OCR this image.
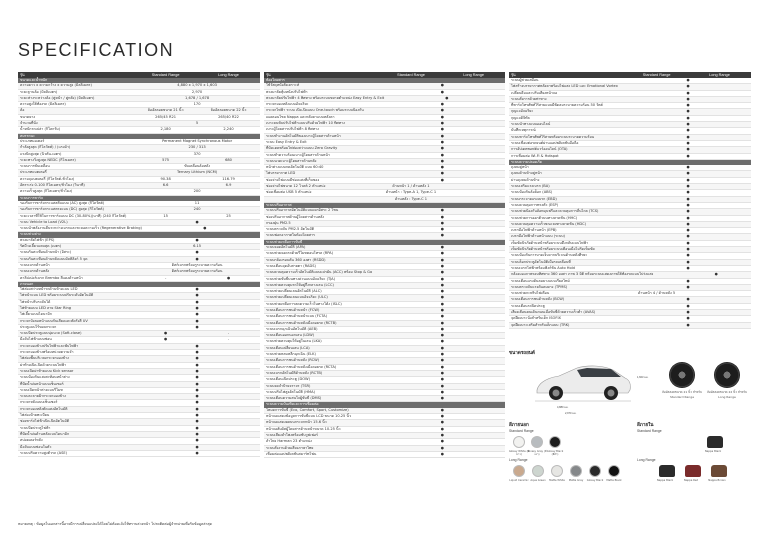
SPECIFICATION
รุ่น	Standard Range	Long Range
ขนาดและน้ำหนัก
ความยาว x ความกว้าง x ความสูง (มิลลิเมตร)	4,880 x 1,970 x 1,603
ระยะฐานล้อ (มิลลิเมตร)	2,970
ระยะห่างระหว่างล้อ (คู่หน้า / คู่หลัง) (มิลลิเมตร)	1,678 / 1,678
ความสูงใต้ท้องรถ (มิลลิเมตร)	170
ล้อ	ล้ออัลลอยขนาด 21 นิ้ว	ล้ออัลลอยขนาด 22 นิ้ว
ขนาดยาง	265/45 R21	265/40 R22
จำนวนที่นั่ง	5
น้ำหนักรถเปล่า (กิโลกรัม)	2,180	2,240
สมรรถนะ
ประเภทมอเตอร์	Permanent Magnet Synchronous Motor
กำลังสูงสุด (กิโลวัตต์) / (แรงม้า)	230 / 313
แรงบิดสูงสุด (นิวตัน-เมตร)	370
ระยะทางวิ่งสูงสุด NEDC (กิโลเมตร)	575	680
ระบบการขับเคลื่อน	ขับเคลื่อนล้อหลัง
ประเภทแบตเตอรี่	Ternary Lithium (NCM)
ความจุแบตเตอรี่ (กิโลวัตต์-ชั่วโมง)	90.38	116.79
อัตราเร่ง 0-100 กิโลเมตร/ชั่วโมง (วินาที)	6.6	6.9
ความเร็วสูงสุด (กิโลเมตร/ชั่วโมง)	200
ระบบการชาร์จ
รองรับการชาร์จกระแสสลับแบบ (AC) สูงสุด (กิโลวัตต์)	11
รองรับการชาร์จกระแสตรงแบบ (DC) สูงสุด (กิโลวัตต์)	240
ระยะเวลาที่ใช้ในการชาร์จแบบ DC (30-80%)(นาที) (240 กิโลวัตต์)	15	25
ระบบ Vehicle to Load (V2L)	●
ระบบนำพลังงานคืนระหว่างเบรกและชะลอความเร็ว (Regenerative Braking)	●
ระบบช่วงล่าง
พวงมาลัยไฟฟ้า (EPS)	●
รัศมีวงเลี้ยวแคบสุด (เมตร)	6.15
ระบบกันสะเทือนด้านหน้า (อิสระ)	●
ระบบกันสะเทือนด้านหลังแบบมัลติลิงก์ 5 จุด	●
ระบบเบรกด้านหน้า	ดิสก์เบรกพร้อมรูระบายความร้อน
ระบบเบรกด้านหลัง	ดิสก์เบรกพร้อมรูระบายความร้อน
คาลิปเปอร์เบรก Brembo สีแดงด้านหน้า	-	●
ภายนอก
ไฟส่องสว่างหน้ารถด้านข้างแบบ LED	●
ไฟหน้าแบบ LED พร้อมระบบปรับระดับอัตโนมัติ	●
ไฟหน้าปรับระดับได้	●
ไฟท้ายแบบ LED ลาย Star Ring	●
ไฟเลี้ยวแบบไดนามิก	●
กระจกบังลมหน้าแบบกันเสียงและตัดรังสี UV	●
ประตูแบบไร้ขอบกระจก	●
ระบบปิดประตูแบบนุ่มนวล (Soft-close)	●	-
มือจับไฟฟ้าแบบซ่อน	●	-
กระจกมองข้างปรับไฟฟ้าและพับไฟฟ้า	●
กระจกมองข้างพร้อมหน่วยความจำ	●
ไฟส่องพื้นบริเวณกระจกมองข้าง	●
ฝาท้ายเปิด-ปิดด้วยระบบไฟฟ้า	●
ระบบเปิดฝาท้ายแบบ Kick sensor	●
ระบบป้องกันแสงสะท้อนหน้าต่าง	●
ที่ปัดน้ำฝนหน้าแบบเซ็นเซอร์	●
ระบบเปิดหน้าต่างแบบรีโมท	●
ระบบละลายฝ้ากระจกมองข้าง	●
กระจกหลังแบบเซ็นเซอร์	●
กระจกมองหลังตัดแสงอัตโนมัติ	●
ไฟส่องป้ายทะเบียน	●
ช่องชาร์จไฟฟ้าเปิด-ปิดอัตโนมัติ	●
ระบบปิดประตูไฟฟ้า	●
ที่ปัดน้ำฝนด้านหลังแบบไดนามิก	●
สปอยเลอร์หลัง	●
มือจับแบบซ่อนในตัว	●
ระบบปรับความสูงตัวรถ (ASE)	●
รุ่น	Standard Range	Long Range
ห้องโดยสาร
ใช้วัสดุหนังสังเคราะห์	●
พวงมาลัยหุ้มหนังปรับไฟฟ้า	●
พวงมาลัยปรับไฟฟ้า 4 ทิศทาง พร้อมระบบขยายตำแหน่ง Easy Entry & Exit	●
กระจกมองหลังแบบอัจฉริยะ	●
กระจกไฟฟ้า ระบบ เปิด-ปิดแบบ One-touch พร้อมระบบป้องกัน	●
แผงคอนโซล Nappa และหลังคาแบบหลังคา	●
เบาะคนขับปรับไฟฟ้าแบบปรับด้วยไฟฟ้า 10 ทิศทาง	●
เบาะผู้โดยสารปรับไฟฟ้า 8 ทิศทาง	●
ระบบทำงานอัตโนมัติของเบาะผู้โดยสารด้านหน้า	●
ระบบ Easy Entry & Exit	●
ที่บังแดดพร้อมไฟส่องสว่างแบบ Zero Gravity	●
ระบบทำความร้อนเบาะผู้โดยสารด้านหน้า	●
ระบบนวดเบาะผู้โดยสารด้านหลัง	●
หน้าต่างแบบกดอัตโนมัติ แบบ 60:40	●
ไฟบรรยากาศ LED	●
ช่องจ่ายไฟแบบมีช่องแสงที่เก็บของ	●
ช่องจ่ายไฟขนาด 12 โวลต์ 2 ตำแหน่ง	ด้านหน้า 1 / ด้านหลัง 1
ช่องเชื่อมต่อ USB 5 ตำแหน่ง	ด้านหน้า : Type-A 1, Type-C 1
ด้านหลัง : Type-C 1
ระบบปรับอากาศ
ระบบปรับอากาศอัตโนมัติแบบแยกอิสระ 2 โซน	●
ช่องปรับอากาศด้านผู้โดยสารด้านหลัง	●
กรองฝุ่น PM2.5	●
ระบบตรวจจับ PM2.5 อัตโนมัติ	●
ระบบฟอกอากาศในห้องโดยสาร	●
ระบบช่วยเหลือการขับขี่
ระบบจอดอัตโนมัติ (APA)	●
ระบบช่วยจอดรถด้วยรีโมทคอนโทรล (RPA)	●
ระบบกล้องรอบคัน 360 องศา (RSDD)	●
ระบบเตือนจุดอับสายตา (RADS)	●
ระบบควบคุมความเร็วอัตโนมัติแบบแปรผัน (ACC) พร้อม Stop & Go	●
ระบบช่วยขับขี่บนทางด่วนแบบอัจฉริยะ (TJA)	●
ระบบช่วยควบคุมรถให้อยู่กึ่งกลางเลน (LCC)	●
ระบบช่วยเปลี่ยนเลนอัตโนมัติ (ALC)	●
ระบบช่วยเปลี่ยนเลนแบบอัจฉริยะ (ULC)	●
ระบบช่วยเหลือการลดความเร็วในทางโค้ง (ISLC)	●
ระบบเตือนการชนด้านหน้า (FCW)	●
ระบบเตือนการชนด้านหน้าแบบ (FCTA)	●
ระบบเตือนการชนด้านหลังเมื่อถอยรถ (RCTB)	●
ระบบเบรกฉุกเฉินอัตโนมัติ (AEB)	●
ระบบเตือนออกนอกเลน (LDW)	●
ระบบช่วยควบคุมให้อยู่ในเลน (LKA)	●
ระบบเตือนเปลี่ยนเลน (LCA)	●
ระบบช่วยหลบหลีกฉุกเฉิน (ELK)	●
ระบบเตือนการชนด้านหลัง (RCW)	●
ระบบเตือนการชนด้านหลังเมื่อถอยรถ (RCTA)	●
ระบบเบรกอัตโนมัติด้านหลัง (RCTB)	●
ระบบเตือนเปิดประตู (DOW)	●
ระบบจดจำป้ายจราจร (TSR)	●
ระบบปรับไฟสูงอัตโนมัติ (HMA)	●
ระบบเตือนความสนใจผู้ขับขี่ (DMS)	●
ระบบความบันเทิงและการเชื่อมต่อ
โหมดการขับขี่ (Eco, Comfort, Sport, Customize)	●
หน้าจอแสดงข้อมูลการขับขี่แบบ LCD ขนาด 10.25 นิ้ว	●
หน้าจอแสดงผลบนกระจกหน้า 15.6 นิ้ว	●
หน้าจอสัมผัสผู้โดยสารด้านหน้าขนาด 10.25 นิ้ว	●
ระบบเสียงลำโพงพร้อมซับวูฟเฟอร์	●
ลำโพง Harman 23 ตำแหน่ง	●
ระบบสั่งงานด้วยเสียงภาษาไทย	●
เชื่อมต่อแอปพลิเคชันสมาร์ทโฟน	●
รุ่น	Standard Range	Long Range
ระบบผู้ช่วยเสมือน	●
ไฟสร้างบรรยากาศหลังคาพร้อมไฟแสง LED และ Emotional Vortex	●
เปลี่ยนธีมและปรับเสียงหน้าจอ	●
ระบบสั่งการด้วยท่าทาง	●
ที่ชาร์จโทรศัพท์ไร้สายแบบมีพัดลมระบายความร้อน 50 วัตต์	●
กุญแจอัจฉริยะ	●
กุญแจดิจิทัล	●
ระบบนำทางแบบออนไลน์	●
บันทึกเหตุการณ์	●
ระบบชาร์จโทรศัพท์ไร้สายพร้อมระบบระบายความร้อน	●
ระบบเชื่อมต่อรถยนต์ผ่านแอปพลิเคชันมือถือ	●
การอัปเดตซอฟต์แวร์ออนไลน์ (OTA)	●
การเชื่อมต่อ Wi-Fi & Hotspot	●
ระบบความปลอดภัย
ถุงลมคู่หน้า	●
ถุงลมด้านข้างคู่หน้า	●
ม่านถุงลมด้านข้าง	●
ระบบเสริมแรงเบรก (BA)	●
ระบบป้องกันล้อล็อก (ABS)	●
ระบบกระจายแรงเบรก (EBD)	●
ระบบควบคุมการทรงตัว (ESP)	●
ระบบช่วยป้องกันล้อหมุนฟรีและควบคุมการลื่นไถล (TCS)	●
ระบบช่วยการออกตัวบนทางลาดชัน (HHC)	●
ระบบควบคุมความเร็วขณะลงทางลาดชัน (HDC)	●
เบรกมือไฟฟ้าด้านหน้า (EPB)	●
เบรกมือไฟฟ้าด้านหน้าแบบ (ระบบ)	●
เข็มขัดนิรภัยด้านหน้าพร้อมระบบดึงกลับแบบไฟฟ้า	●
เข็มขัดนิรภัยด้านหน้าพร้อมระบบเตือนเมื่อไม่รัดเข็มขัด	●
ระบบป้องกันการบาดเจ็บจากบริเวณด้านหลังศีรษะ	●
ระบบล็อกประตูอัตโนมัติเมื่อรถเคลื่อนที่	●
ระบบเบรกไฟฟ้าพร้อมฟังก์ชัน Auto Hold	●
กล้องมองภาพรอบทิศทาง 360 องศา ภาพ 3 มิติ พร้อมระบบแสดงภาพใต้ท้องรถแบบโปร่งแสง	●
ระบบเตือนแรงดันลมยางแบบเรียลไทม์	●
ระบบตรวจจับแรงดันลมยาง (TPMS)	●
ระบบช่วยกะพริบไฟเตือน	ด้านหน้า 4 / ด้านหลัง 5
ระบบเตือนการชนด้านหลัง (BCW)	●
ระบบเตือนรถปิดประตู	●
เสียงเตือนคนเดินถนนเมื่อขับขี่ด้วยความเร็วต่ำ (AVAS)	●
จุดยึดเบาะนั่งสำหรับเด็ก ISOFIX	●
จุดยึดเบาะเสริมสำหรับเด็กแบบ (TRK)	●
ขนาดรถยนต์
4,880 มม.
2,970 มม.
1,603 มม.
ล้ออัลลอยขนาด 21 นิ้ว สำหรับ Standard Range
ล้ออัลลอยขนาด 22 นิ้ว สำหรับ Long Range
สีภายนอก
Standard Range
Glossy White (สีขาว)
Glossy Gray (สีเทา)
Glossy Black (สีดำ)
Long Range
Liquid Ceramic Aqua Green	Matte White	Matte Gray	Glossy Black	Matte Black
สีภายใน
Standard Range
Nappa Black
Long Range
Nappa Black	Nappa Red	Nappa Brown
หมายเหตุ : ข้อมูลในเอกสารนี้อาจมีการเปลี่ยนแปลงได้โดยไม่ต้องแจ้งให้ทราบล่วงหน้า โปรดติดต่อผู้จำหน่ายเพื่อรับข้อมูลล่าสุด
